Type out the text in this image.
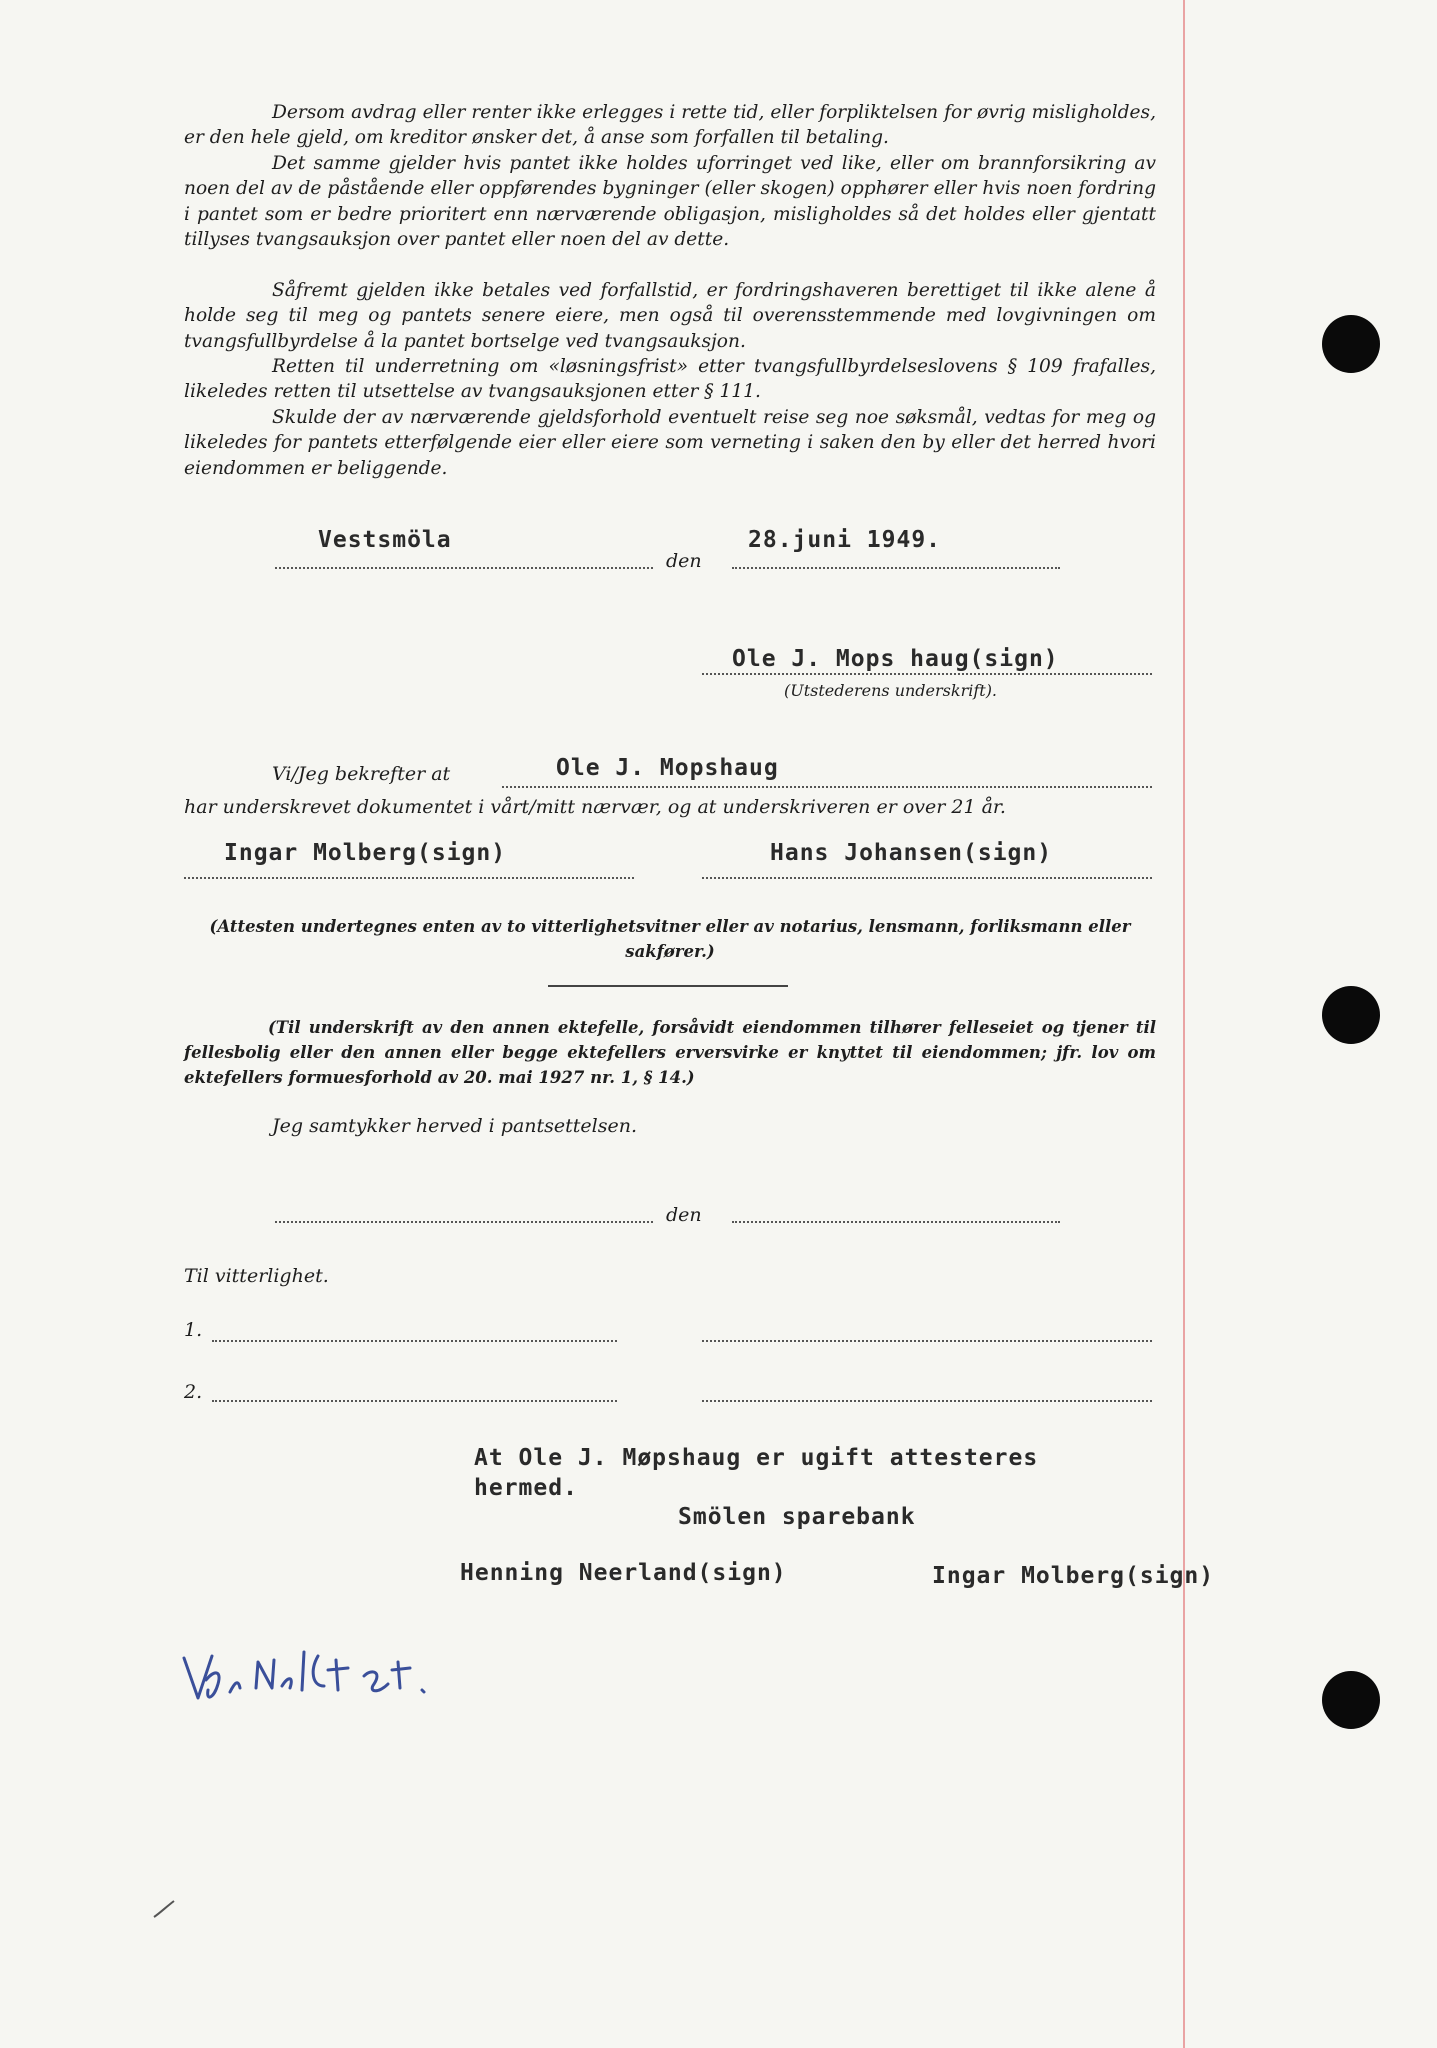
Dersom avdrag eller renter ikke erlegges i rette tid, eller forpliktelsen for øvrig misligholdes, er den hele gjeld, om kreditor ønsker det, å anse som forfallen til betaling.

Det samme gjelder hvis pantet ikke holdes uforringet ved like, eller om brannforsikring av noen del av de påstående eller oppførendes bygninger (eller skogen) opphører eller hvis noen fordring i pantet som er bedre prioritert enn nærværende obligasjon, misligholdes så det holdes eller gjentatt tillyses tvangsauksjon over pantet eller noen del av dette.

Såfremt gjelden ikke betales ved forfallstid, er fordringshaveren berettiget til ikke alene å holde seg til meg og pantets senere eiere, men også til overensstemmende med lovgivningen om tvangsfullbyrdelse å la pantet bortselge ved tvangsauksjon.

Retten til underretning om «løsningsfrist» etter tvangsfullbyrdelseslovens § 109 frafalles, likeledes retten til utsettelse av tvangsauksjonen etter § 111.

Skulde der av nærværende gjeldsforhold eventuelt reise seg noe søksmål, vedtas for meg og likeledes for pantets etterfølgende eier eller eiere som verneting i saken den by eller det herred hvori eiendommen er beliggende.

Vestsmöla
den
28.juni 1949.
Ole J. Mops haug(sign)
(Utstederens underskrift).
Vi/Jeg bekrefter at	Ole J. Mopshaug
har underskrevet dokumentet i vårt/mitt nærvær, og at underskriveren er over 21 år.
Ingar Molberg(sign)	Hans Johansen(sign)
(Attesten undertegnes enten av to vitterlighetsvitner eller av notarius, lensmann, forliksmann eller sakfører.)
(Til underskrift av den annen ektefelle, forsåvidt eiendommen tilhører felleseiet og tjener til fellesbolig eller den annen eller begge ektefellers erversvirke er knyttet til eiendommen; jfr. lov om ektefellers formuesforhold av 20. mai 1927 nr. 1, § 14.)
Jeg samtykker herved i pantsettelsen.
den
Til vitterlighet.
1.
2.
At Ole J. Møpshaug er ugift attesteres
hermed.
Smölen sparebank
Henning Neerland(sign)	Ingar Molberg(sign)
